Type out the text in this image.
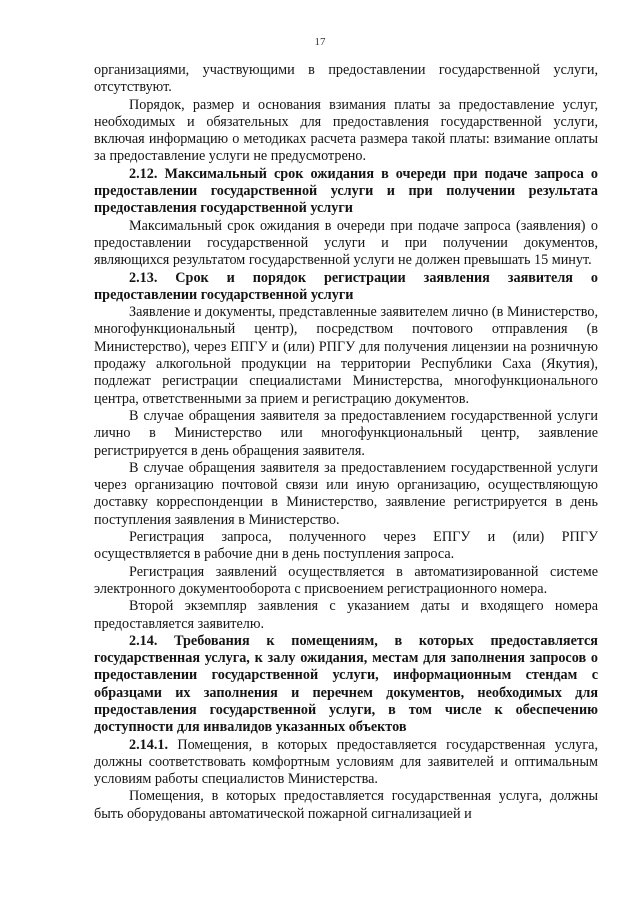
17

организациями, участвующими в предоставлении государственной услуги, отсутствуют.

Порядок, размер и основания взимания платы за предоставление услуг, необходимых и обязательных для предоставления государственной услуги, включая информацию о методиках расчета размера такой платы: взимание оплаты за предоставление услуги не предусмотрено.

2.12. Максимальный срок ожидания в очереди при подаче запроса о предоставлении государственной услуги и при получении результата предоставления государственной услуги

Максимальный срок ожидания в очереди при подаче запроса (заявления) о предоставлении государственной услуги и при получении документов, являющихся результатом государственной услуги не должен превышать 15 минут.

2.13. Срок и порядок регистрации заявления заявителя о предоставлении государственной услуги

Заявление и документы, представленные заявителем лично (в Министерство, многофункциональный центр), посредством почтового отправления (в Министерство), через ЕПГУ и (или) РПГУ для получения лицензии на розничную продажу алкогольной продукции на территории Республики Саха (Якутия), подлежат регистрации специалистами Министерства, многофункционального центра, ответственными за прием и регистрацию документов.

В случае обращения заявителя за предоставлением государственной услуги лично в Министерство или многофункциональный центр, заявление регистрируется в день обращения заявителя.

В случае обращения заявителя за предоставлением государственной услуги через организацию почтовой связи или иную организацию, осуществляющую доставку корреспонденции в Министерство, заявление регистрируется в день поступления заявления в Министерство.

Регистрация запроса, полученного через ЕПГУ и (или) РПГУ осуществляется в рабочие дни в день поступления запроса.

Регистрация заявлений осуществляется в автоматизированной системе электронного документооборота с присвоением регистрационного номера.

Второй экземпляр заявления с указанием даты и входящего номера предоставляется заявителю.

2.14. Требования к помещениям, в которых предоставляется государственная услуга, к залу ожидания, местам для заполнения запросов о предоставлении государственной услуги, информационным стендам с образцами их заполнения и перечнем документов, необходимых для предоставления государственной услуги, в том числе к обеспечению доступности для инвалидов указанных объектов

2.14.1. Помещения, в которых предоставляется государственная услуга, должны соответствовать комфортным условиям для заявителей и оптимальным условиям работы специалистов Министерства.

Помещения, в которых предоставляется государственная услуга, должны быть оборудованы автоматической пожарной сигнализацией и
